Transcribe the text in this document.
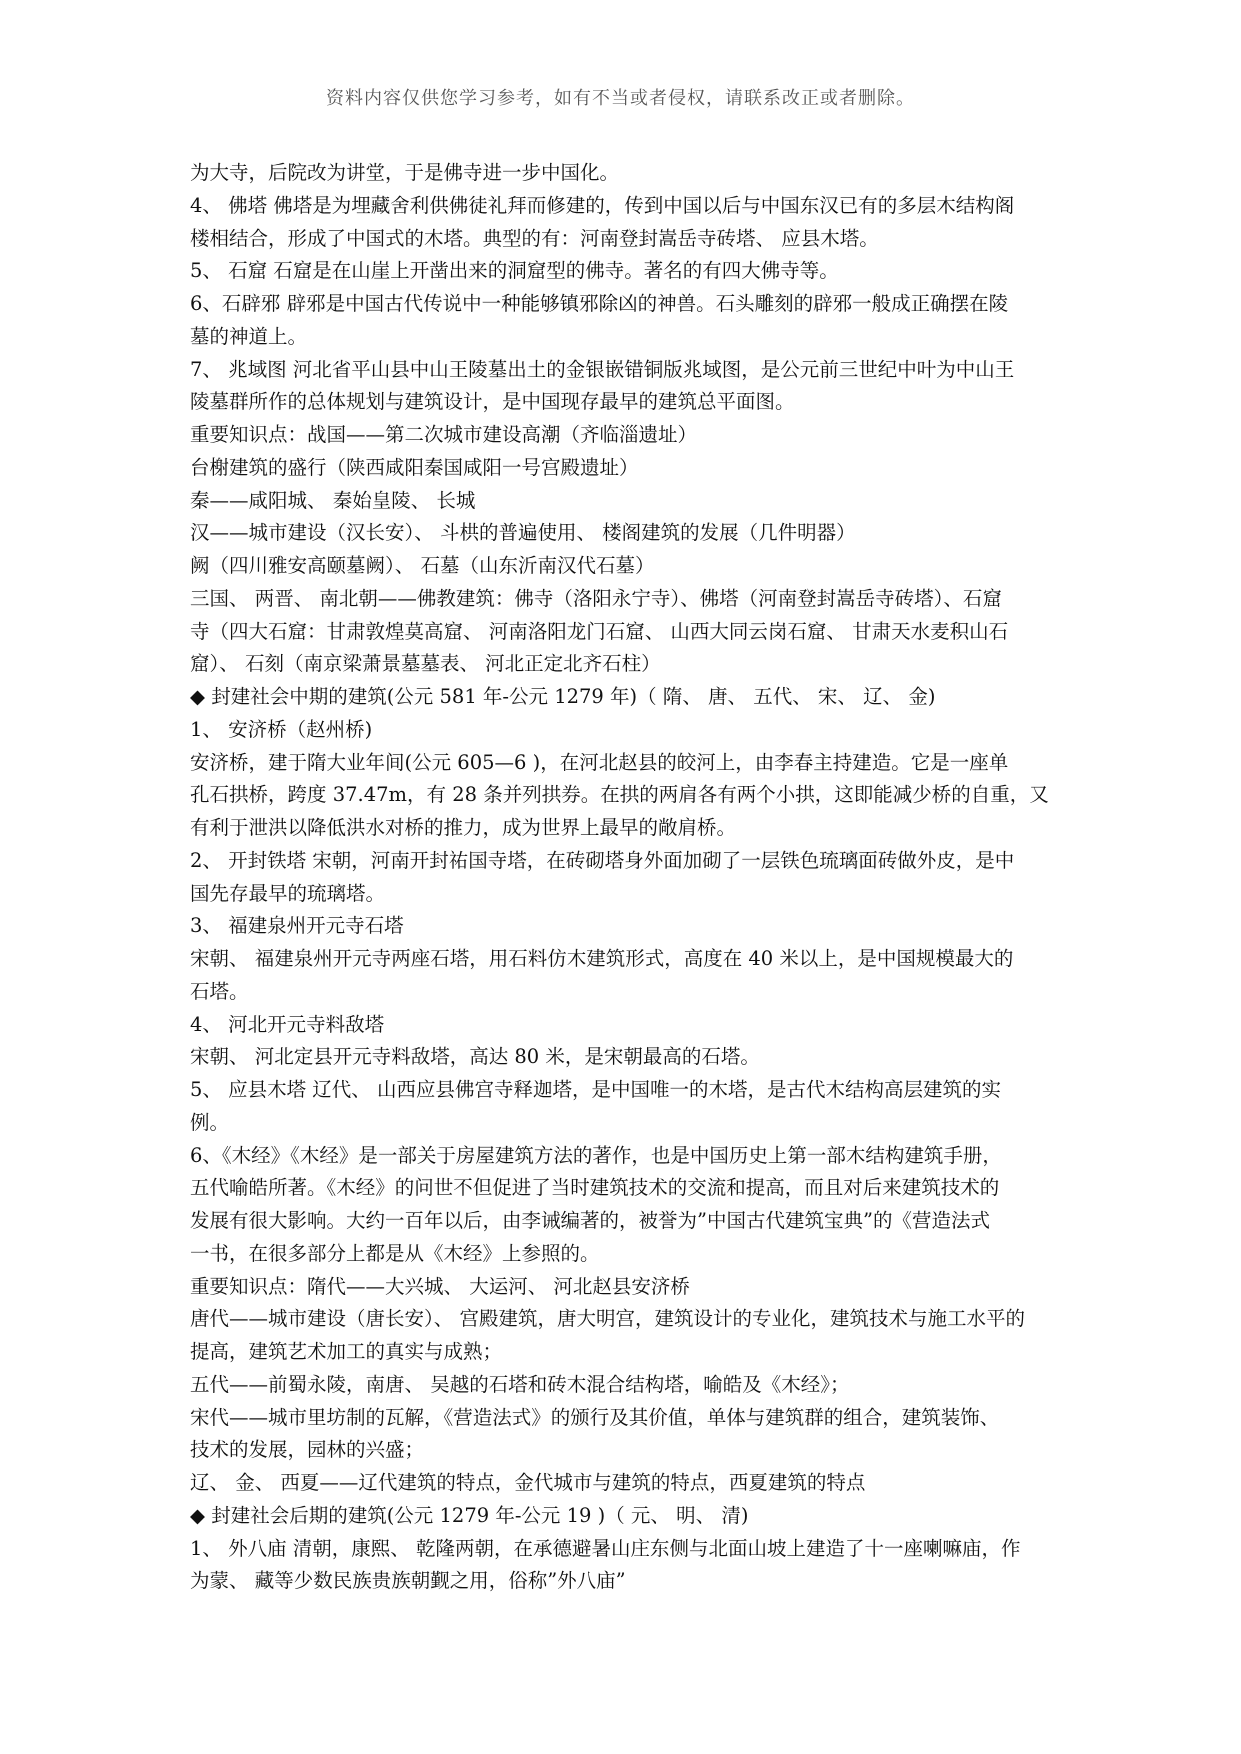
资料内容仅供您学习参考，如有不当或者侵权，请联系改正或者删除。
为大寺，后院改为讲堂，于是佛寺进一步中国化。
4、 佛塔 佛塔是为埋藏舍利供佛徒礼拜而修建的，传到中国以后与中国东汉已有的多层木结构阁
楼相结合，形成了中国式的木塔。典型的有：河南登封嵩岳寺砖塔、 应县木塔。
5、 石窟 石窟是在山崖上开凿出来的洞窟型的佛寺。著名的有四大佛寺等。
6、石辟邪 辟邪是中国古代传说中一种能够镇邪除凶的神兽。石头雕刻的辟邪一般成正确摆在陵
墓的神道上。
7、 兆域图 河北省平山县中山王陵墓出土的金银嵌错铜版兆域图，是公元前三世纪中叶为中山王
陵墓群所作的总体规划与建筑设计，是中国现存最早的建筑总平面图。
重要知识点：战国——第二次城市建设高潮（齐临淄遗址）
台榭建筑的盛行（陕西咸阳秦国咸阳一号宫殿遗址）
秦——咸阳城、 秦始皇陵、 长城
汉——城市建设（汉长安）、 斗栱的普遍使用、 楼阁建筑的发展（几件明器）
阙（四川雅安高颐墓阙）、 石墓（山东沂南汉代石墓）
三国、 两晋、 南北朝——佛教建筑：佛寺（洛阳永宁寺）、佛塔（河南登封嵩岳寺砖塔）、石窟
寺（四大石窟：甘肃敦煌莫高窟、 河南洛阳龙门石窟、 山西大同云岗石窟、 甘肃天水麦积山石
窟）、 石刻（南京梁萧景墓墓表、 河北正定北齐石柱）
◆ 封建社会中期的建筑(公元 581 年-公元 1279 年)（ 隋、 唐、 五代、 宋、 辽、 金)
1、 安济桥（赵州桥)
安济桥，建于隋大业年间(公元 605—6 )，在河北赵县的皎河上，由李春主持建造。它是一座单
孔石拱桥，跨度 37.47m，有 28 条并列拱券。在拱的两肩各有两个小拱，这即能减少桥的自重，又
有利于泄洪以降低洪水对桥的推力，成为世界上最早的敞肩桥。
2、 开封铁塔 宋朝，河南开封祐国寺塔，在砖砌塔身外面加砌了一层铁色琉璃面砖做外皮，是中
国先存最早的琉璃塔。
3、 福建泉州开元寺石塔
宋朝、 福建泉州开元寺两座石塔，用石料仿木建筑形式，高度在 40 米以上，是中国规模最大的
石塔。
4、 河北开元寺料敌塔
宋朝、 河北定县开元寺料敌塔，高达 80 米，是宋朝最高的石塔。
5、 应县木塔 辽代、 山西应县佛宫寺释迦塔，是中国唯一的木塔，是古代木结构高层建筑的实
例。
6、《木经》《木经》是一部关于房屋建筑方法的著作，也是中国历史上第一部木结构建筑手册，
五代喻皓所著。《木经》的问世不但促进了当时建筑技术的交流和提高，而且对后来建筑技术的
发展有很大影响。大约一百年以后，由李诫编著的，被誉为”中国古代建筑宝典”的《营造法式
一书，在很多部分上都是从《木经》上参照的。
重要知识点：隋代——大兴城、 大运河、 河北赵县安济桥
唐代——城市建设（唐长安）、 宫殿建筑，唐大明宫，建筑设计的专业化，建筑技术与施工水平的
提高，建筑艺术加工的真实与成熟；
五代——前蜀永陵，南唐、 吴越的石塔和砖木混合结构塔，喻皓及《木经》；
宋代——城市里坊制的瓦解，《营造法式》的颁行及其价值，单体与建筑群的组合，建筑装饰、
技术的发展，园林的兴盛；
辽、 金、 西夏——辽代建筑的特点，金代城市与建筑的特点，西夏建筑的特点
◆ 封建社会后期的建筑(公元 1279 年-公元 19 )（ 元、 明、 清)
1、 外八庙 清朝，康熙、 乾隆两朝，在承德避暑山庄东侧与北面山坡上建造了十一座喇嘛庙，作
为蒙、 藏等少数民族贵族朝觐之用，俗称”外八庙”
